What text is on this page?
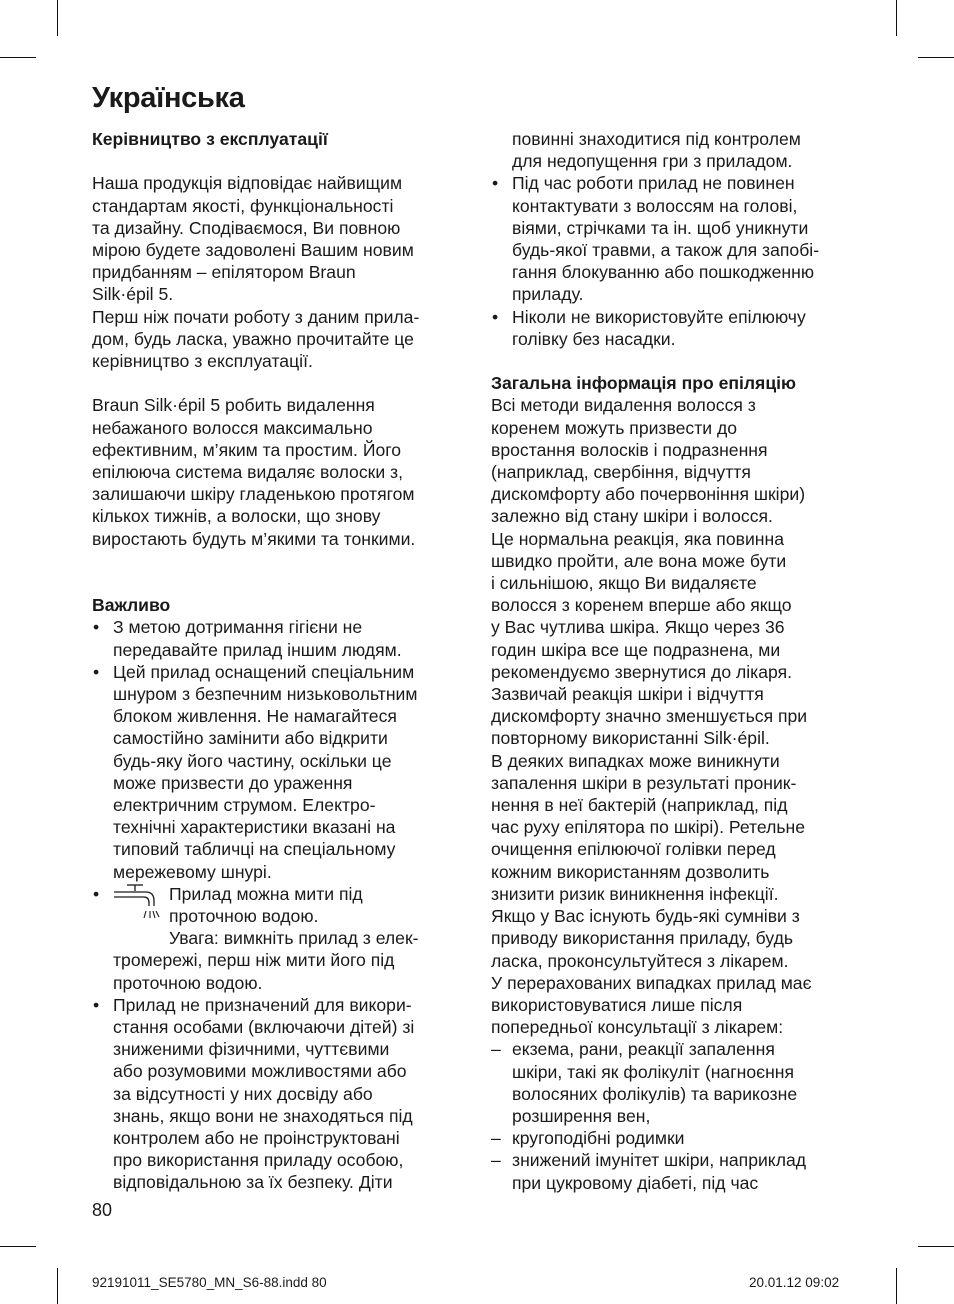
Українська
Керівництво з експлуатації
Наша продукція відповідає найвищим
стандартам якості, функціональності
та дизайну. Сподіваємося, Ви повною
мірою будете задоволені Вашим новим
придбанням – епілятором Braun
Silk·épil 5.
Перш ніж почати роботу з даним прила-
дом, будь ласка, уважно прочитайте це
керівництво з експлуатації.
Braun Silk·épil 5 робить видалення
небажаного волосся максимально
ефективним, м’яким та простим. Його
епілююча система видаляє волоски з,
залишаючи шкіру гладенькою протягом
кількох тижнів, а волоски, що знову
виростають будуть м’якими та тонкими.
Важливо
• З метою дотримання гігієни не
передавайте прилад іншим людям.
• Цей прилад оснащений спеціальним
шнуром з безпечним низьковольтним
блоком живлення. Не намагайтеся
самостійно замінити або відкрити
будь-яку його частину, оскільки це
може призвести до ураження
електричним струмом. Електро-
технічні характеристики вказані на
типовий табличці на спеціальному
мережевому шнурі.
•	Прилад можна мити під
проточною водою.
Увага: вимкніть прилад з елек-
тромережі, перш ніж мити його під
проточною водою.
• Прилад не призначений для викори-
стання особами (включаючи дітей) зі
зниженими фізичними, чуттєвими
або розумовими можливостями або
за відсутності у них досвіду або
знань, якщо вони не знаходяться під
контролем або не проінструктовані
про використання приладу особою,
відповідальною за їх безпеку. Діти
повинні знаходитися під контролем
для недопущення гри з приладом.
• Під час роботи прилад не повинен
контактувати з волоссям на голові,
віями, стрічками та ін. щоб уникнути
будь-якої травми, а також для запобі-
гання блокуванню або пошкодженню
приладу.
• Ніколи не використовуйте епілюючу
голівку без насадки.
Загальна інформація про епіляцію
Всі методи видалення волосся з
коренем можуть призвести до
вростання волосків і подразнення
(наприклад, свербіння, відчуття
дискомфорту або почервоніння шкіри)
залежно від стану шкіри і волосся.
Це нормальна реакція, яка повинна
швидко пройти, але вона може бути
і сильнішою, якщо Ви видаляєте
волосся з коренем вперше або якщо
у Вас чутлива шкіра. Якщо через 36
годин шкіра все ще подразнена, ми
рекомендуємо звернутися до лікаря.
Зазвичай реакція шкіри і відчуття
дискомфорту значно зменшується при
повторному використанні Silk·épil.
В деяких випадках може виникнути
запалення шкіри в результаті проник-
нення в неї бактерій (наприклад, під
час руху епілятора по шкірі). Ретельне
очищення епілюючої голівки перед
кожним використанням дозволить
знизити ризик виникнення інфекції.
Якщо у Вас існують будь-які сумніви з
приводу використання приладу, будь
ласка, проконсультуйтеся з лікарем.
У перерахованих випадках прилад має
використовуватися лише після
попередньої консультації з лікарем:
– екзема, рани, реакції запалення
шкіри, такі як фолікуліт (нагноєння
волосяних фолікулів) та варикозне
розширення вен,
– кругоподібні родимки
– знижений імунітет шкіри, наприклад
при цукровому діабеті, під час
80
92191011_SE5780_MN_S6-88.indd 80	20.01.12 09:02
